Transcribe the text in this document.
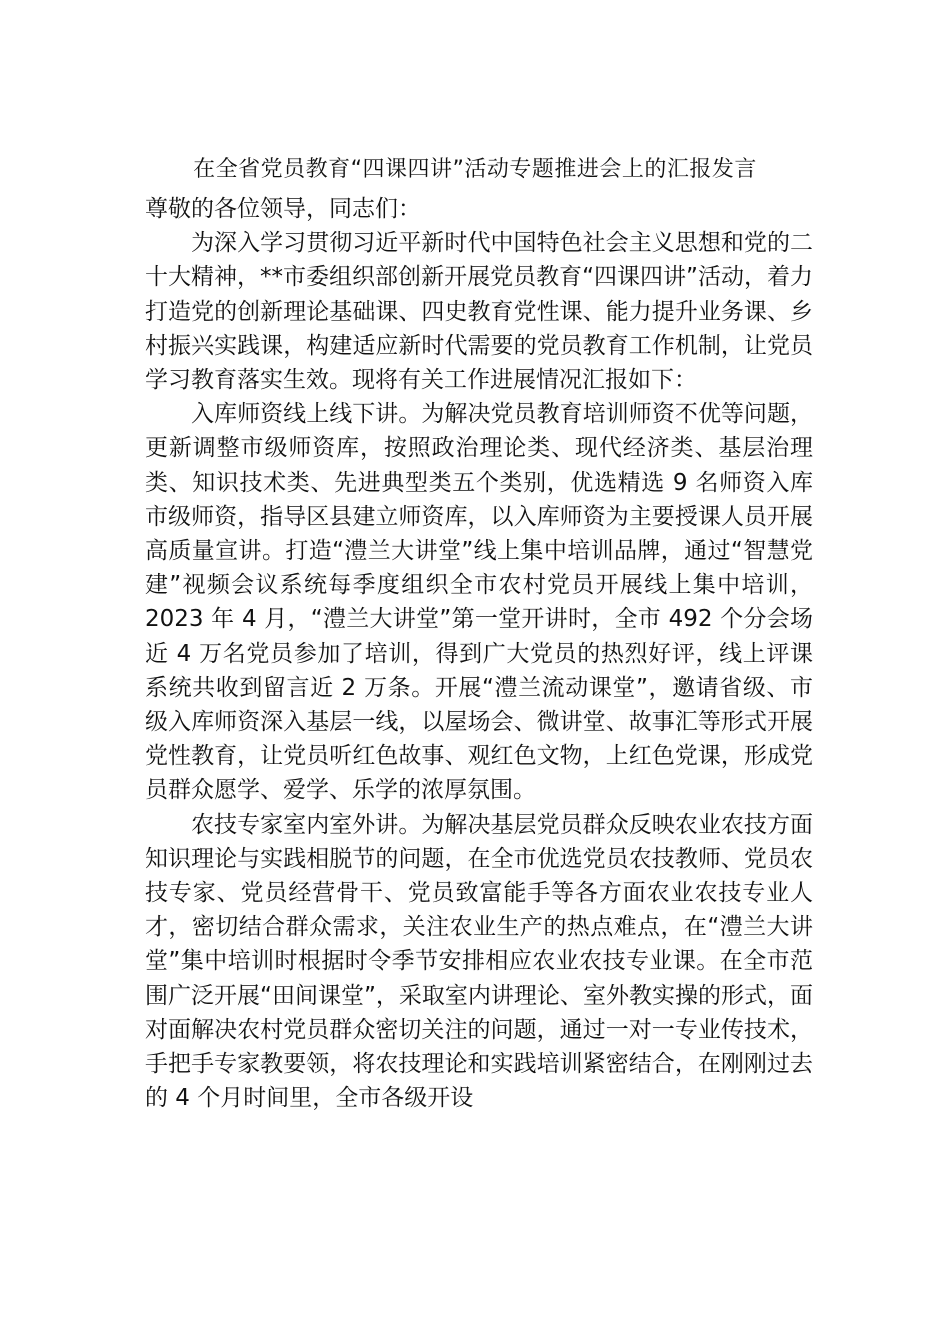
在全省党员教育“四课四讲”活动专题推进会上的汇报发言

尊敬的各位领导，同志们：

为深入学习贯彻习近平新时代中国特色社会主义思想和党的二十大精神，**市委组织部创新开展党员教育“四课四讲”活动，着力打造党的创新理论基础课、四史教育党性课、能力提升业务课、乡村振兴实践课，构建适应新时代需要的党员教育工作机制，让党员学习教育落实生效。现将有关工作进展情况汇报如下：

入库师资线上线下讲。为解决党员教育培训师资不优等问题，更新调整市级师资库，按照政治理论类、现代经济类、基层治理类、知识技术类、先进典型类五个类别，优选精选 9 名师资入库市级师资，指导区县建立师资库，以入库师资为主要授课人员开展高质量宣讲。打造“澧兰大讲堂”线上集中培训品牌，通过“智慧党建”视频会议系统每季度组织全市农村党员开展线上集中培训，2023 年 4 月，“澧兰大讲堂”第一堂开讲时，全市 492 个分会场近 4 万名党员参加了培训，得到广大党员的热烈好评，线上评课系统共收到留言近 2 万条。开展“澧兰流动课堂”，邀请省级、市级入库师资深入基层一线，以屋场会、微讲堂、故事汇等形式开展党性教育，让党员听红色故事、观红色文物，上红色党课，形成党员群众愿学、爱学、乐学的浓厚氛围。

农技专家室内室外讲。为解决基层党员群众反映农业农技方面知识理论与实践相脱节的问题，在全市优选党员农技教师、党员农技专家、党员经营骨干、党员致富能手等各方面农业农技专业人才，密切结合群众需求，关注农业生产的热点难点，在“澧兰大讲堂”集中培训时根据时令季节安排相应农业农技专业课。在全市范围广泛开展“田间课堂”，采取室内讲理论、室外教实操的形式，面对面解决农村党员群众密切关注的问题，通过一对一专业传技术，手把手专家教要领，将农技理论和实践培训紧密结合，在刚刚过去的 4 个月时间里，全市各级开设
